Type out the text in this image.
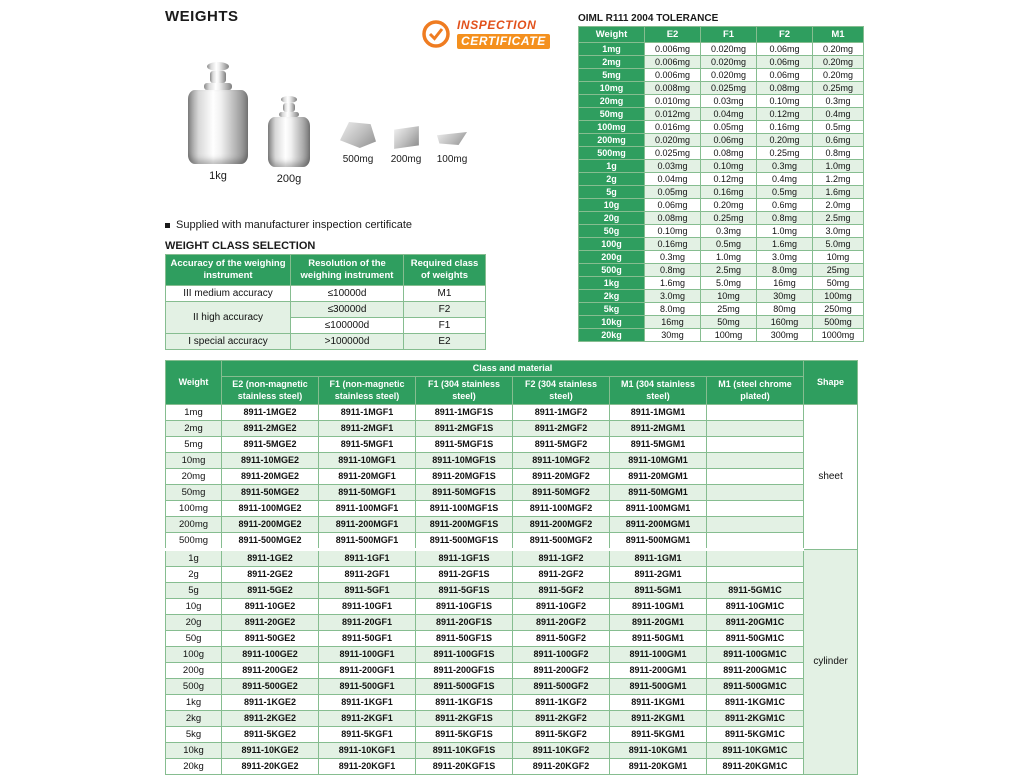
WEIGHTS	INSPECTION
CERTIFICATE
1kg	200g
500mg	200mg	100mg
Supplied with manufacturer inspection certificate
WEIGHT CLASS SELECTION
Accuracy of the weighing instrument	Resolution of the weighing instrument	Required class of weights
III medium accuracy	≤10000d	M1
II high accuracy	≤30000d	F2
	≤100000d	F1
I special accuracy	>100000d	E2
OIML R111 2004 TOLERANCE
Weight	E2	F1	F2	M1
1mg	0.006mg	0.020mg	0.06mg	0.20mg
2mg	0.006mg	0.020mg	0.06mg	0.20mg
5mg	0.006mg	0.020mg	0.06mg	0.20mg
10mg	0.008mg	0.025mg	0.08mg	0.25mg
20mg	0.010mg	0.03mg	0.10mg	0.3mg
50mg	0.012mg	0.04mg	0.12mg	0.4mg
100mg	0.016mg	0.05mg	0.16mg	0.5mg
200mg	0.020mg	0.06mg	0.20mg	0.6mg
500mg	0.025mg	0.08mg	0.25mg	0.8mg
1g	0.03mg	0.10mg	0.3mg	1.0mg
2g	0.04mg	0.12mg	0.4mg	1.2mg
5g	0.05mg	0.16mg	0.5mg	1.6mg
10g	0.06mg	0.20mg	0.6mg	2.0mg
20g	0.08mg	0.25mg	0.8mg	2.5mg
50g	0.10mg	0.3mg	1.0mg	3.0mg
100g	0.16mg	0.5mg	1.6mg	5.0mg
200g	0.3mg	1.0mg	3.0mg	10mg
500g	0.8mg	2.5mg	8.0mg	25mg
1kg	1.6mg	5.0mg	16mg	50mg
2kg	3.0mg	10mg	30mg	100mg
5kg	8.0mg	25mg	80mg	250mg
10kg	16mg	50mg	160mg	500mg
20kg	30mg	100mg	300mg	1000mg
Weight	Class and material						Shape
	E2 (non-magnetic stainless steel)	F1 (non-magnetic stainless steel)	F1 (304 stainless steel)	F2 (304 stainless steel)	M1 (304 stainless steel)	M1 (steel chrome plated)	
1mg	8911-1MGE2	8911-1MGF1	8911-1MGF1S	8911-1MGF2	8911-1MGM1		sheet
2mg	8911-2MGE2	8911-2MGF1	8911-2MGF1S	8911-2MGF2	8911-2MGM1		
5mg	8911-5MGE2	8911-5MGF1	8911-5MGF1S	8911-5MGF2	8911-5MGM1		
10mg	8911-10MGE2	8911-10MGF1	8911-10MGF1S	8911-10MGF2	8911-10MGM1		
20mg	8911-20MGE2	8911-20MGF1	8911-20MGF1S	8911-20MGF2	8911-20MGM1		
50mg	8911-50MGE2	8911-50MGF1	8911-50MGF1S	8911-50MGF2	8911-50MGM1		
100mg	8911-100MGE2	8911-100MGF1	8911-100MGF1S	8911-100MGF2	8911-100MGM1		
200mg	8911-200MGE2	8911-200MGF1	8911-200MGF1S	8911-200MGF2	8911-200MGM1		
500mg	8911-500MGE2	8911-500MGF1	8911-500MGF1S	8911-500MGF2	8911-500MGM1		
1g	8911-1GE2	8911-1GF1	8911-1GF1S	8911-1GF2	8911-1GM1		cylinder
2g	8911-2GE2	8911-2GF1	8911-2GF1S	8911-2GF2	8911-2GM1		
5g	8911-5GE2	8911-5GF1	8911-5GF1S	8911-5GF2	8911-5GM1	8911-5GM1C	
10g	8911-10GE2	8911-10GF1	8911-10GF1S	8911-10GF2	8911-10GM1	8911-10GM1C	
20g	8911-20GE2	8911-20GF1	8911-20GF1S	8911-20GF2	8911-20GM1	8911-20GM1C	
50g	8911-50GE2	8911-50GF1	8911-50GF1S	8911-50GF2	8911-50GM1	8911-50GM1C	
100g	8911-100GE2	8911-100GF1	8911-100GF1S	8911-100GF2	8911-100GM1	8911-100GM1C	
200g	8911-200GE2	8911-200GF1	8911-200GF1S	8911-200GF2	8911-200GM1	8911-200GM1C	
500g	8911-500GE2	8911-500GF1	8911-500GF1S	8911-500GF2	8911-500GM1	8911-500GM1C	
1kg	8911-1KGE2	8911-1KGF1	8911-1KGF1S	8911-1KGF2	8911-1KGM1	8911-1KGM1C	
2kg	8911-2KGE2	8911-2KGF1	8911-2KGF1S	8911-2KGF2	8911-2KGM1	8911-2KGM1C	
5kg	8911-5KGE2	8911-5KGF1	8911-5KGF1S	8911-5KGF2	8911-5KGM1	8911-5KGM1C	
10kg	8911-10KGE2	8911-10KGF1	8911-10KGF1S	8911-10KGF2	8911-10KGM1	8911-10KGM1C	
20kg	8911-20KGE2	8911-20KGF1	8911-20KGF1S	8911-20KGF2	8911-20KGM1	8911-20KGM1C	
